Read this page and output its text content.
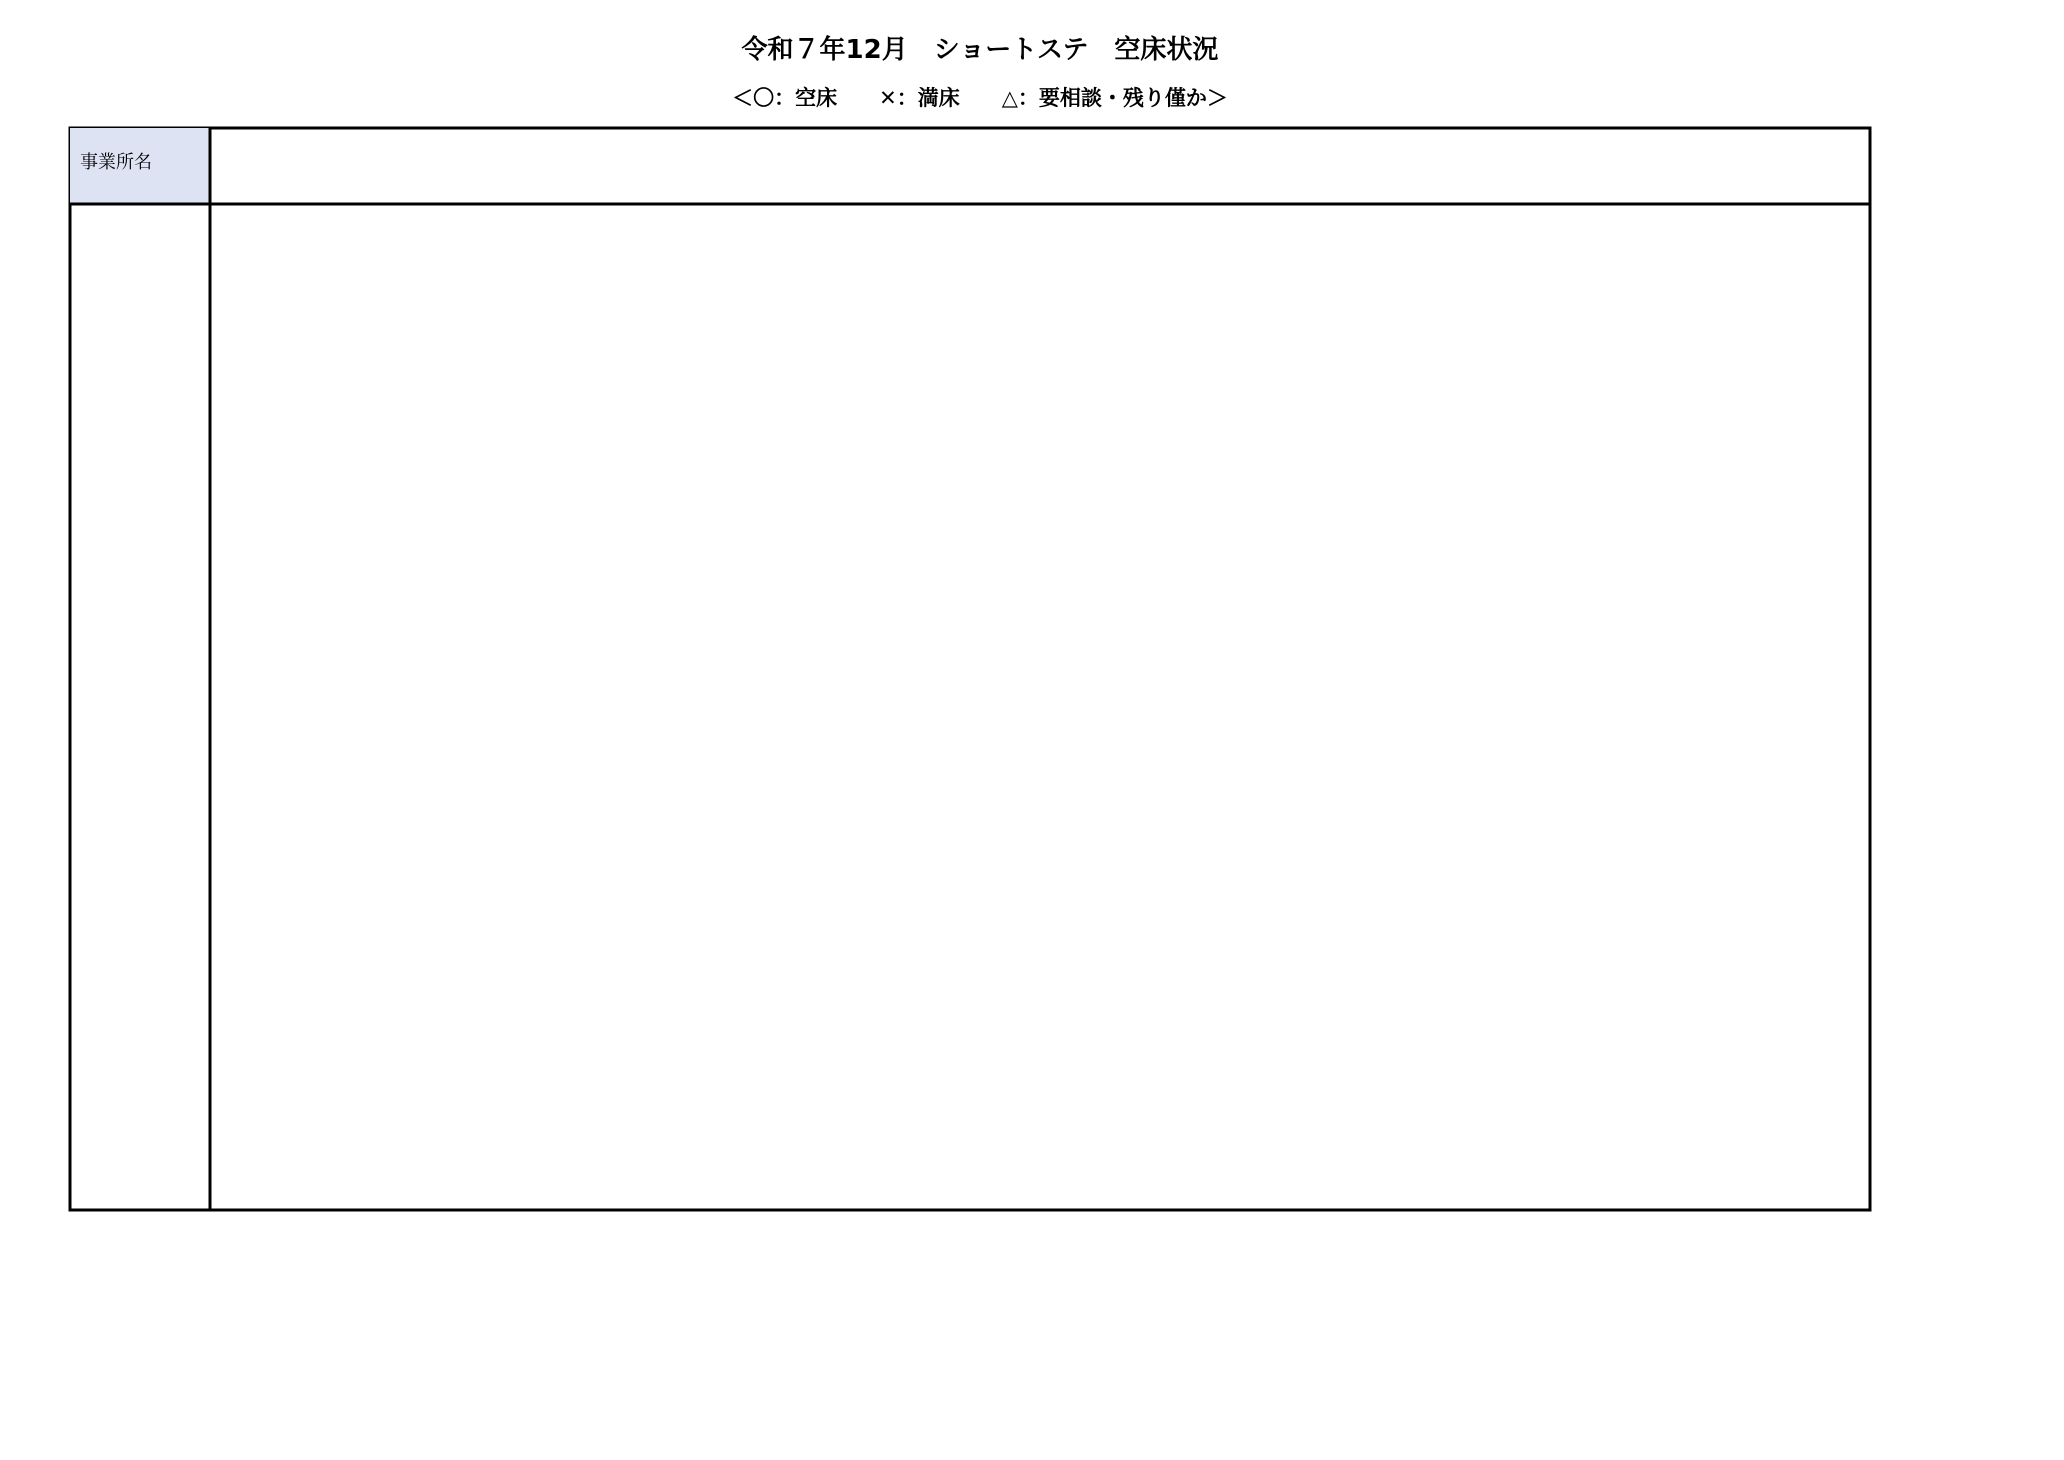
令和７年12月　ショートステ　空床状況
＜〇：空床　　✕：満床　　△：要相談・残り僅か＞
事業所名
